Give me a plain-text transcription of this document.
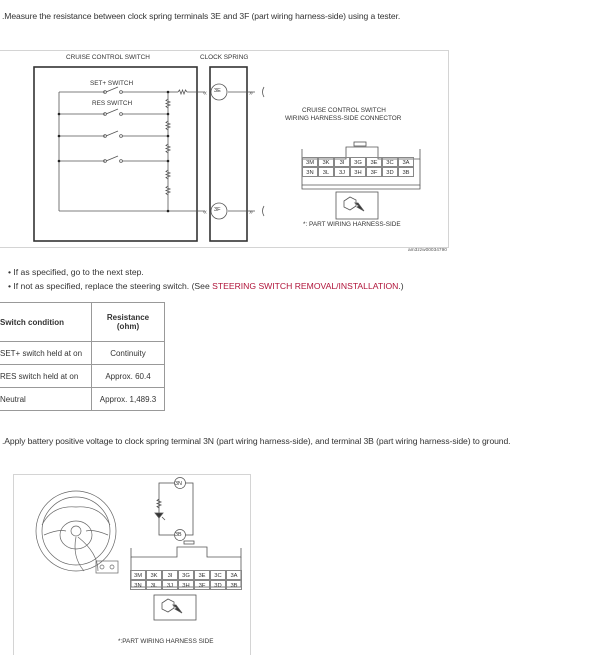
.Measure the resistance between clock spring terminals 3E and 3F (part wiring harness-side) using a tester.
«
«
»
»
CRUISE CONTROL SWITCH	CLOCK SPRING
SET+ SWITCH
RES SWITCH
3E
3F
CRUISE CONTROL SWITCH
WIRING HARNESS-SIDE CONNECTOR
3M	3K	3I	3G	3E	3C	3A
3N	3L	3J	3H	3F	3D	3B
*: PART WIRING HARNESS-SIDE
am3zzw00034790
• If as specified, go to the next step.
• If not as specified, replace the steering switch. (See STEERING SWITCH REMOVAL/INSTALLATION.)
Switch condition	Resistance (ohm)
SET+ switch held at on	Continuity
RES switch held at on	Approx. 60.4
Neutral	Approx. 1,489.3
.Apply battery positive voltage to clock spring terminal 3N (part wiring harness-side), and terminal 3B (part wiring harness-side) to ground.
3N
3B
3M	3K	3I	3G	3E	3C	3A
3N	3L	3J	3H	3F	3D	3B
*:PART WIRING HARNESS SIDE
